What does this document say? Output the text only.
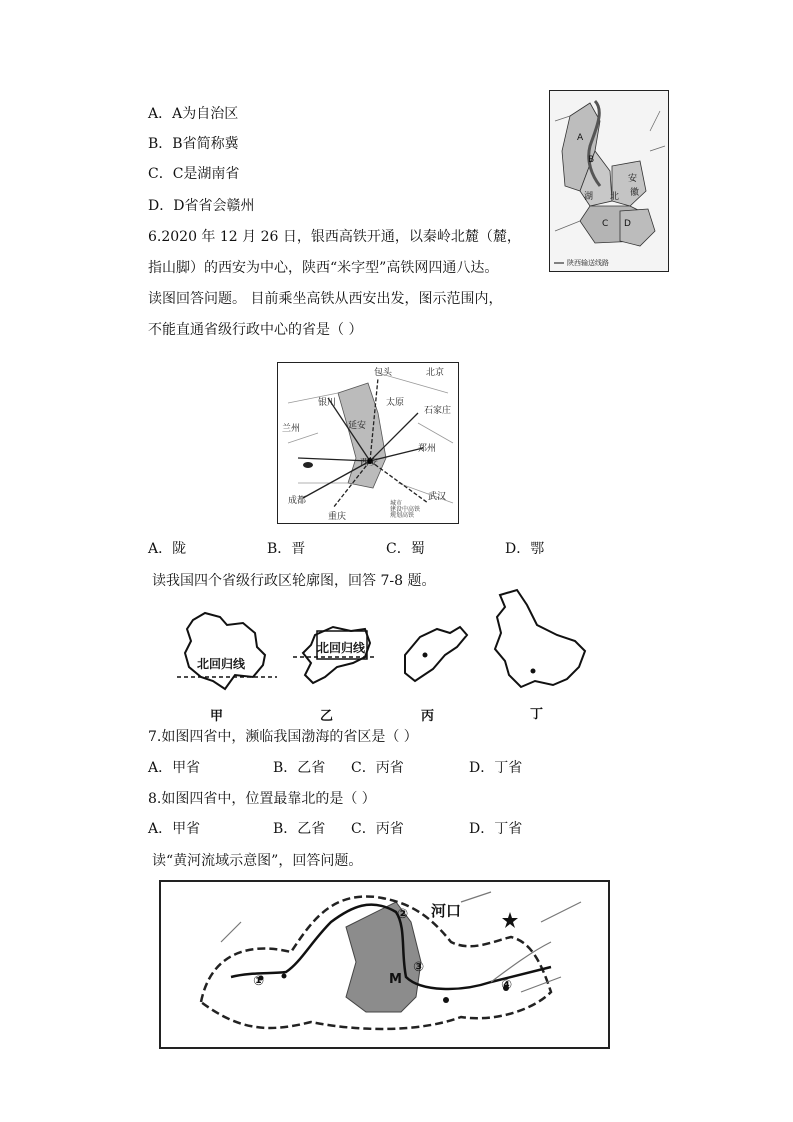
A．A为自治区
B．B省简称冀
C．C是湖南省
D．D省省会赣州
A
B
安
徽
湖 北
C D
陕西输送线路
6.2020 年 12 月 26 日，银西高铁开通，以秦岭北麓（麓，
指山脚）的西安为中心，陕西“米字型”高铁网四通八达。
读图回答问题。 目前乘坐高铁从西安出发，图示范围内，
不能直通省级行政中心的省是（ ）
包头	北京
银川	太原
石家庄
延安
兰州
西安
郑州
成都
重庆
武汉
城市
建设中高铁
规划高铁
A．陇	B．晋	C．蜀	D．鄂
读我国四个省级行政区轮廓图，回答 7-8 题。
北回归线
北回归线
甲	乙	丙	丁
7.如图四省中，濒临我国渤海的省区是（ ）
A．甲省	B．乙省 C．丙省	D．丁省
8.如图四省中，位置最靠北的是（ ）
A．甲省	B．乙省 C．丙省	D．丁省
读“黄河流域示意图”，回答问题。
①
②
③
④
M
河口
